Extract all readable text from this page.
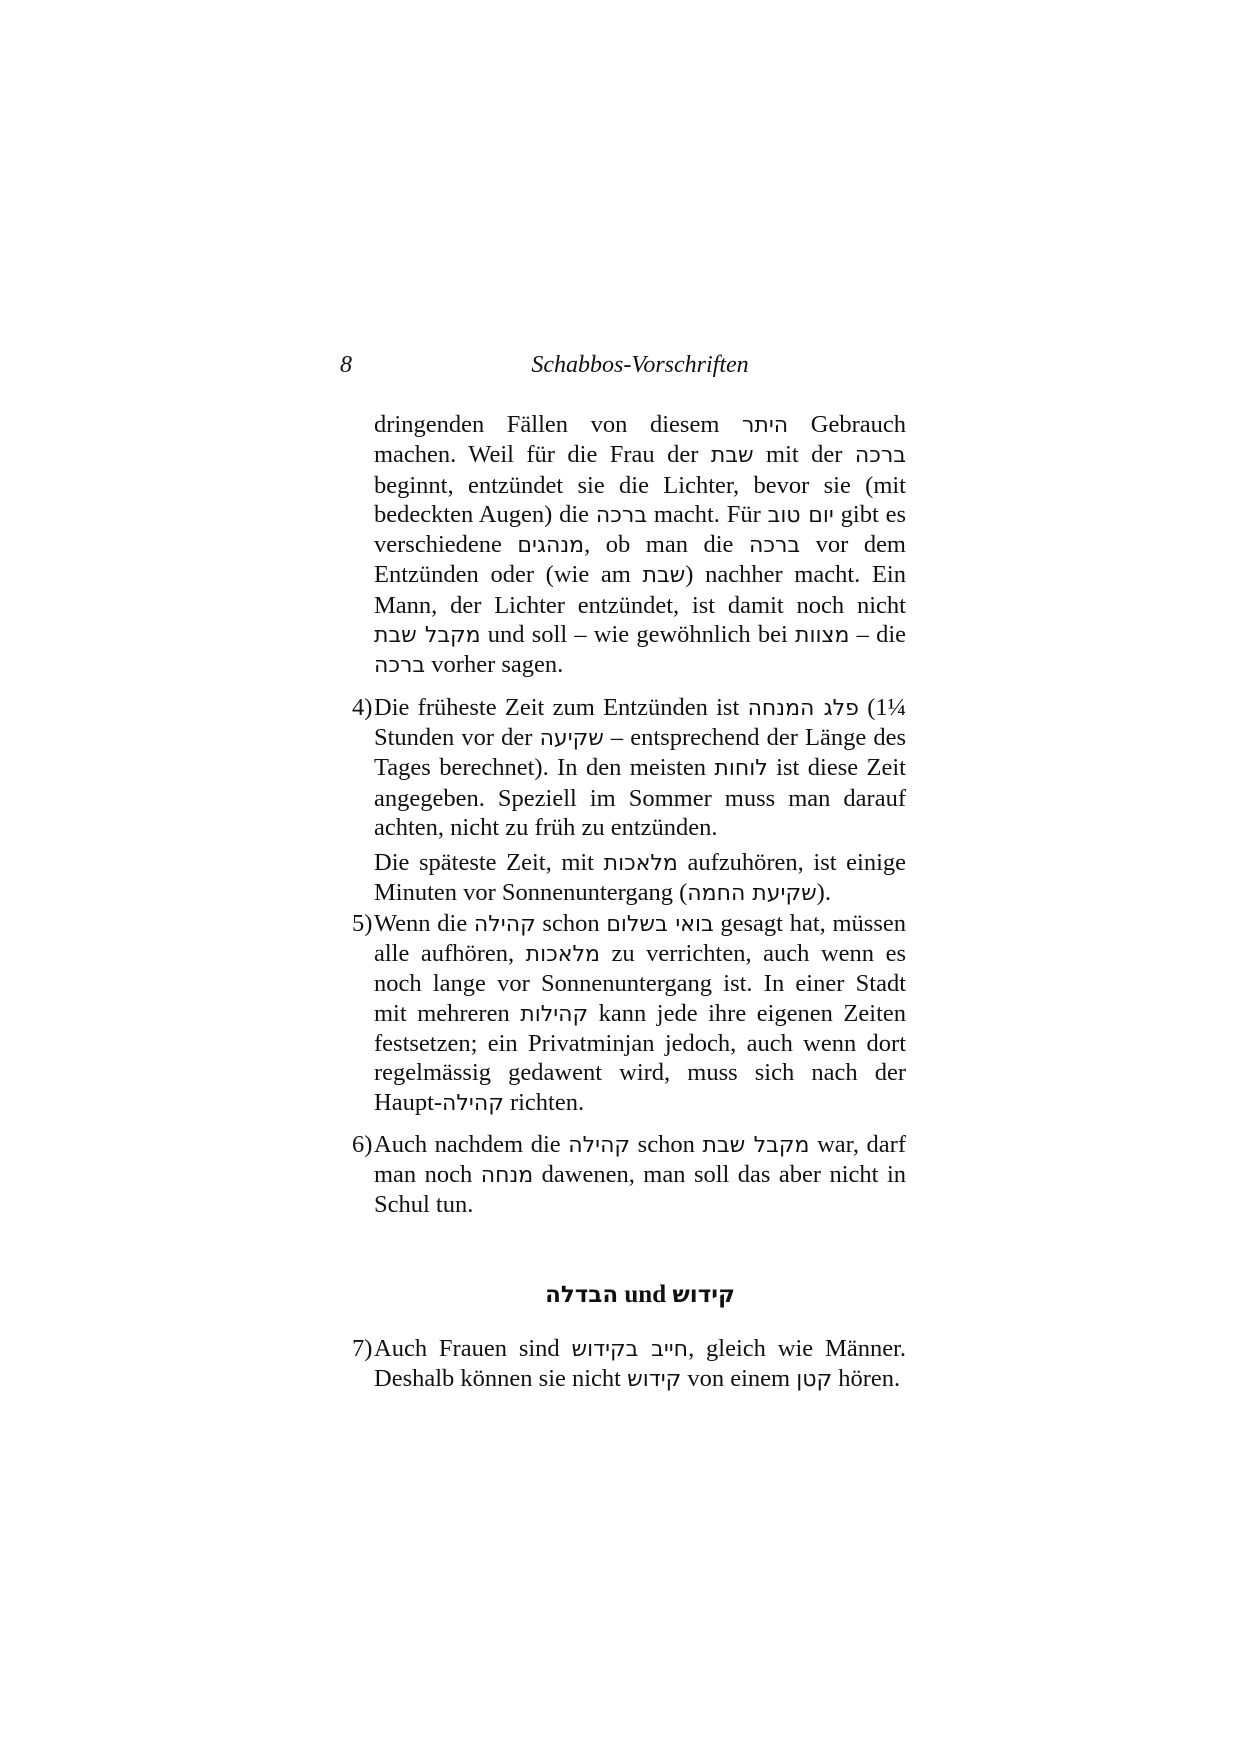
8	Schabbos-Vorschriften

dringenden Fällen von diesem היתר Gebrauch machen. Weil für die Frau der שבת mit der ברכה beginnt, entzündet sie die Lichter, bevor sie (mit bedeckten Augen) die ברכה macht. Für יום טוב gibt es verschiedene מנהגים, ob man die ברכה vor dem Entzünden oder (wie am שבת) nachher macht. Ein Mann, der Lichter entzündet, ist damit noch nicht מקבל שבת und soll – wie gewöhnlich bei מצוות – die ברכה vorher sagen.

4) Die früheste Zeit zum Entzünden ist פלג המנחה (1¼ Stunden vor der שקיעה – entsprechend der Länge des Tages berechnet). In den meisten לוחות ist diese Zeit angegeben. Speziell im Sommer muss man darauf achten, nicht zu früh zu entzünden.

Die späteste Zeit, mit מלאכות aufzuhören, ist einige Minuten vor Sonnenuntergang (שקיעת החמה).

5) Wenn die קהילה schon בואי בשלום gesagt hat, müssen alle aufhören, מלאכות zu verrichten, auch wenn es noch lange vor Sonnenuntergang ist. In einer Stadt mit mehreren קהילות kann jede ihre eigenen Zeiten festsetzen; ein Privatminjan jedoch, auch wenn dort regelmässig gedawent wird, muss sich nach der Haupt-קהילה richten.

6) Auch nachdem die קהילה schon מקבל שבת war, darf man noch מנחה dawenen, man soll das aber nicht in Schul tun.

הבדלה und קידוש

7) Auch Frauen sind חייב בקידוש, gleich wie Männer. Deshalb können sie nicht קידוש von einem קטן hören.
